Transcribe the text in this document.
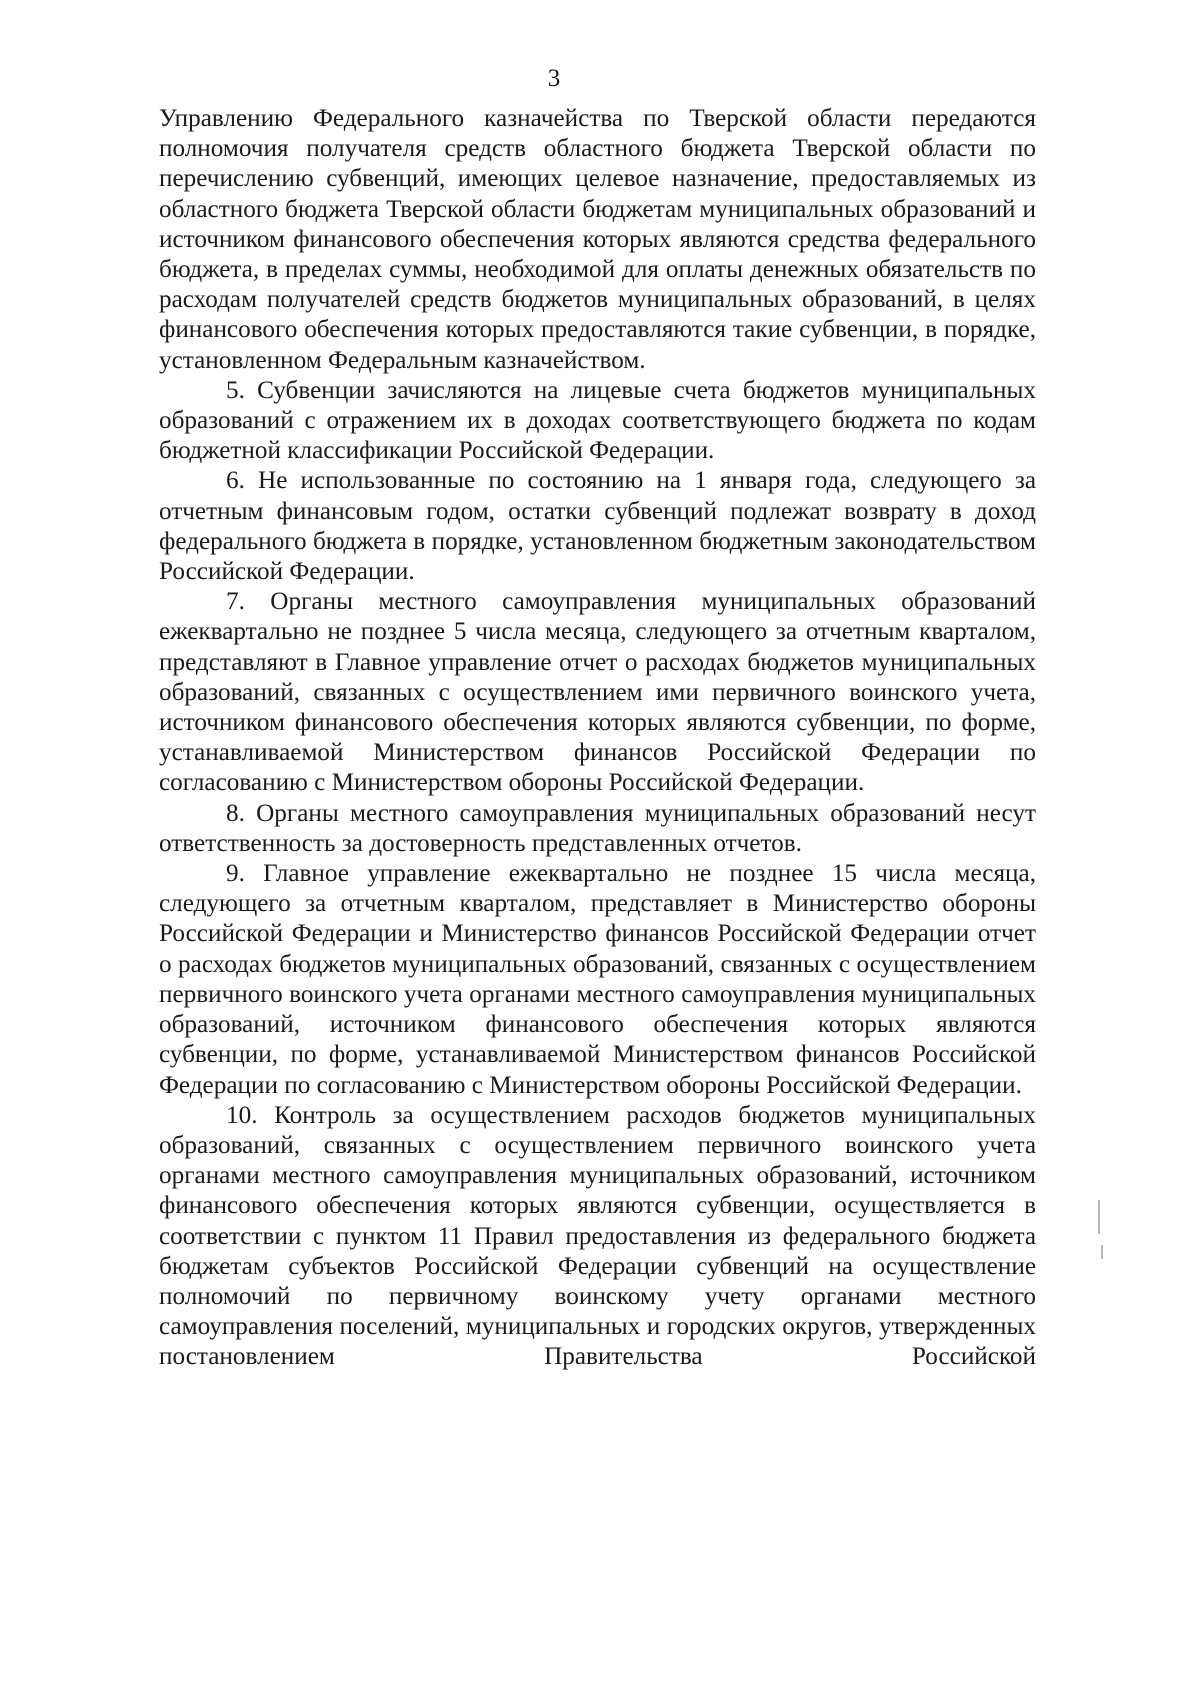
3

Управлению Федерального казначейства по Тверской области передаются полномочия получателя средств областного бюджета Тверской области по перечислению субвенций, имеющих целевое назначение, предоставляемых из областного бюджета Тверской области бюджетам муниципальных образований и источником финансового обеспечения которых являются средства федерального бюджета, в пределах суммы, необходимой для оплаты денежных обязательств по расходам получателей средств бюджетов муниципальных образований, в целях финансового обеспечения которых предоставляются такие субвенции, в порядке, установленном Федеральным казначейством.

5. Субвенции зачисляются на лицевые счета бюджетов муниципальных образований с отражением их в доходах соответствующего бюджета по кодам бюджетной классификации Российской Федерации.

6. Не использованные по состоянию на 1 января года, следующего за отчетным финансовым годом, остатки субвенций подлежат возврату в доход федерального бюджета в порядке, установленном бюджетным законодательством Российской Федерации.

7. Органы местного самоуправления муниципальных образований ежеквартально не позднее 5 числа месяца, следующего за отчетным кварталом, представляют в Главное управление отчет о расходах бюджетов муниципальных образований, связанных с осуществлением ими первичного воинского учета, источником финансового обеспечения которых являются субвенции, по форме, устанавливаемой Министерством финансов Российской Федерации по согласованию с Министерством обороны Российской Федерации.

8. Органы местного самоуправления муниципальных образований несут ответственность за достоверность представленных отчетов.

9. Главное управление ежеквартально не позднее 15 числа месяца, следующего за отчетным кварталом, представляет в Министерство обороны Российской Федерации и Министерство финансов Российской Федерации отчет о расходах бюджетов муниципальных образований, связанных с осуществлением первичного воинского учета органами местного самоуправления муниципальных образований, источником финансового обеспечения которых являются субвенции, по форме, устанавливаемой Министерством финансов Российской Федерации по согласованию с Министерством обороны Российской Федерации.

10. Контроль за осуществлением расходов бюджетов муниципальных образований, связанных с осуществлением первичного воинского учета органами местного самоуправления муниципальных образований, источником финансового обеспечения которых являются субвенции, осуществляется в соответствии с пунктом 11 Правил предоставления из федерального бюджета бюджетам субъектов Российской Федерации субвенций на осуществление полномочий по первичному воинскому учету органами местного самоуправления поселений, муниципальных и городских округов, утвержденных постановлением Правительства Российской
